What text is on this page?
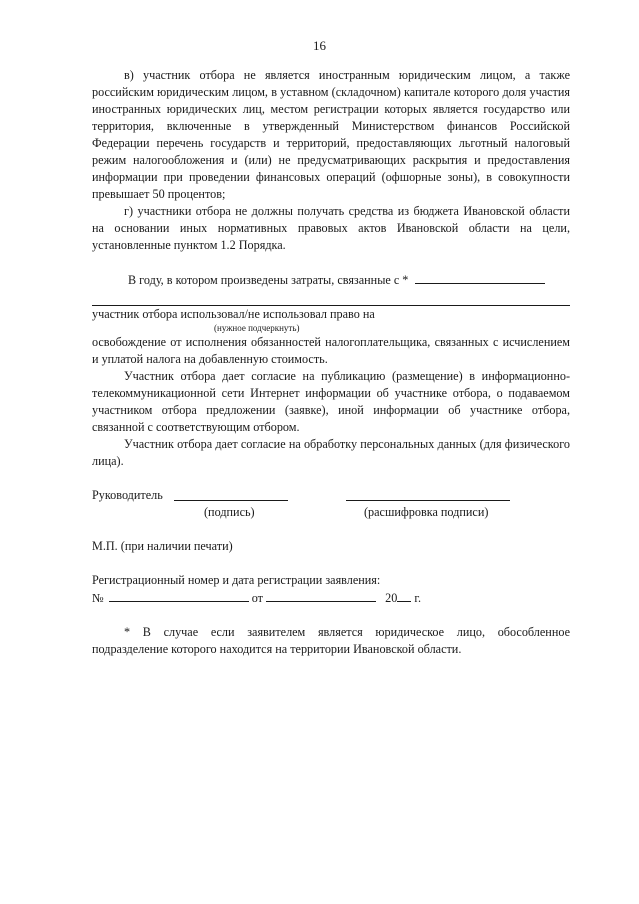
16

в) участник отбора не является иностранным юридическим лицом, а также российским юридическим лицом, в уставном (складочном) капитале которого доля участия иностранных юридических лиц, местом регистрации которых является государство или территория, включенные в утвержденный Министерством финансов Российской Федерации перечень государств и территорий, предоставляющих льготный налоговый режим налогообложения и (или) не предусматривающих раскрытия и предоставления информации при проведении финансовых операций (офшорные зоны), в совокупности превышает 50 процентов;

г) участники отбора не должны получать средства из бюджета Ивановской области на основании иных нормативных правовых актов Ивановской области на цели, установленные пунктом 1.2 Порядка.

В году, в котором произведены затраты, связанные с *
участник отбора использовал/не использовал право на
(нужное подчеркнуть)

освобождение от исполнения обязанностей налогоплательщика, связанных с исчислением и уплатой налога на добавленную стоимость.

Участник отбора дает согласие на публикацию (размещение) в информационно-телекоммуникационной сети Интернет информации об участнике отбора, о подаваемом участником отбора предложении (заявке), иной информации об участнике отбора, связанной с соответствующим отбором.

Участник отбора дает согласие на обработку персональных данных (для физического лица).

Руководитель
(подпись)	(расшифровка подписи)
М.П. (при наличии печати)
Регистрационный номер и дата регистрации заявления:
№	от	20 г.

* В случае если заявителем является юридическое лицо, обособленное подразделение которого находится на территории Ивановской области.
